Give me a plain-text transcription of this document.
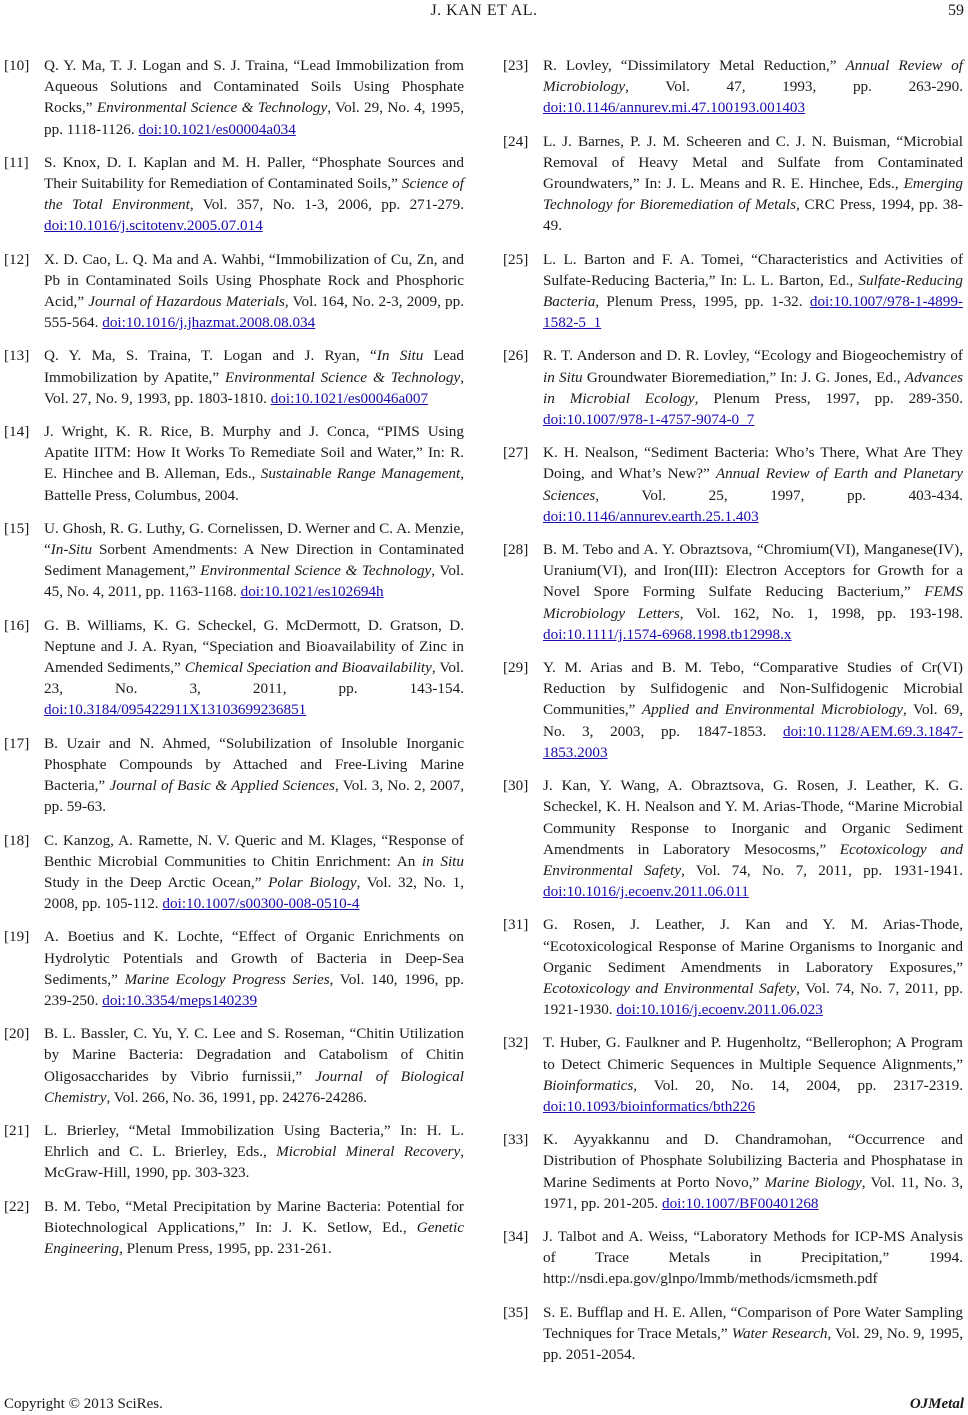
J. KAN ET AL.	59
[10] Q. Y. Ma, T. J. Logan and S. J. Traina, “Lead Immobilization from Aqueous Solutions and Contaminated Soils Using Phosphate Rocks,” Environmental Science & Technology, Vol. 29, No. 4, 1995, pp. 1118-1126. doi:10.1021/es00004a034
[11]	S. Knox, D. I. Kaplan and M. H. Paller, “Phosphate Sources and Their Suitability for Remediation of Contaminated Soils,” Science of the Total Environment, Vol. 357, No. 1-3, 2006, pp. 271-279. doi:10.1016/j.scitotenv.2005.07.014
[12] X. D. Cao, L. Q. Ma and A. Wahbi, “Immobilization of Cu, Zn, and Pb in Contaminated Soils Using Phosphate Rock and Phosphoric Acid,” Journal of Hazardous Materials, Vol. 164, No. 2-3, 2009, pp. 555-564. doi:10.1016/j.jhazmat.2008.08.034
[13] Q. Y. Ma, S. Traina, T. Logan and J. Ryan, “In Situ Lead Immobilization by Apatite,” Environmental Science & Technology, Vol. 27, No. 9, 1993, pp. 1803-1810. doi:10.1021/es00046a007
[14] J. Wright, K. R. Rice, B. Murphy and J. Conca, “PIMS Using Apatite IITM: How It Works To Remediate Soil and Water,” In: R. E. Hinchee and B. Alleman, Eds., Sustainable Range Management, Battelle Press, Columbus, 2004.
[15] U. Ghosh, R. G. Luthy, G. Cornelissen, D. Werner and C. A. Menzie, “In-Situ Sorbent Amendments: A New Direction in Contaminated Sediment Management,” Environmental Science & Technology, Vol. 45, No. 4, 2011, pp. 1163-1168. doi:10.1021/es102694h
[16] G. B. Williams, K. G. Scheckel, G. McDermott, D. Gratson, D. Neptune and J. A. Ryan, “Speciation and Bioavailability of Zinc in Amended Sediments,” Chemical Speciation and Bioavailability, Vol. 23, No. 3, 2011, pp. 143-154. doi:10.3184/095422911X13103699236851
[17] B. Uzair and N. Ahmed, “Solubilization of Insoluble Inorganic Phosphate Compounds by Attached and Free-Living Marine Bacteria,” Journal of Basic & Applied Sciences, Vol. 3, No. 2, 2007, pp. 59-63.
[18] C. Kanzog, A. Ramette, N. V. Queric and M. Klages, “Response of Benthic Microbial Communities to Chitin Enrichment: An in Situ Study in the Deep Arctic Ocean,” Polar Biology, Vol. 32, No. 1, 2008, pp. 105-112. doi:10.1007/s00300-008-0510-4
[19] A. Boetius and K. Lochte, “Effect of Organic Enrichments on Hydrolytic Potentials and Growth of Bacteria in Deep-Sea Sediments,” Marine Ecology Progress Series, Vol. 140, 1996, pp. 239-250. doi:10.3354/meps140239
[20] B. L. Bassler, C. Yu, Y. C. Lee and S. Roseman, “Chitin Utilization by Marine Bacteria: Degradation and Catabolism of Chitin Oligosaccharides by Vibrio furnissii,” Journal of Biological Chemistry, Vol. 266, No. 36, 1991, pp. 24276-24286.
[21] L. Brierley, “Metal Immobilization Using Bacteria,” In: H. L. Ehrlich and C. L. Brierley, Eds., Microbial Mineral Recovery, McGraw-Hill, 1990, pp. 303-323.
[22] B. M. Tebo, “Metal Precipitation by Marine Bacteria: Potential for Biotechnological Applications,” In: J. K. Setlow, Ed., Genetic Engineering, Plenum Press, 1995, pp. 231-261.
[23] R. Lovley, “Dissimilatory Metal Reduction,” Annual Review of Microbiology, Vol. 47, 1993, pp. 263-290. doi:10.1146/annurev.mi.47.100193.001403
[24] L. J. Barnes, P. J. M. Scheeren and C. J. N. Buisman, “Microbial Removal of Heavy Metal and Sulfate from Contaminated Groundwaters,” In: J. L. Means and R. E. Hinchee, Eds., Emerging Technology for Bioremediation of Metals, CRC Press, 1994, pp. 38-49.
[25] L. L. Barton and F. A. Tomei, “Characteristics and Activities of Sulfate-Reducing Bacteria,” In: L. L. Barton, Ed., Sulfate-Reducing Bacteria, Plenum Press, 1995, pp. 1-32. doi:10.1007/978-1-4899-1582-5_1
[26] R. T. Anderson and D. R. Lovley, “Ecology and Biogeochemistry of in Situ Groundwater Bioremediation,” In: J. G. Jones, Ed., Advances in Microbial Ecology, Plenum Press, 1997, pp. 289-350. doi:10.1007/978-1-4757-9074-0_7
[27] K. H. Nealson, “Sediment Bacteria: Who’s There, What Are They Doing, and What’s New?” Annual Review of Earth and Planetary Sciences, Vol. 25, 1997, pp. 403-434. doi:10.1146/annurev.earth.25.1.403
[28] B. M. Tebo and A. Y. Obraztsova, “Chromium(VI), Manganese(IV), Uranium(VI), and Iron(III): Electron Acceptors for Growth for a Novel Spore Forming Sulfate Reducing Bacterium,” FEMS Microbiology Letters, Vol. 162, No. 1, 1998, pp. 193-198. doi:10.1111/j.1574-6968.1998.tb12998.x
[29] Y. M. Arias and B. M. Tebo, “Comparative Studies of Cr(VI) Reduction by Sulfidogenic and Non-Sulfidogenic Microbial Communities,” Applied and Environmental Microbiology, Vol. 69, No. 3, 2003, pp. 1847-1853. doi:10.1128/AEM.69.3.1847-1853.2003
[30] J. Kan, Y. Wang, A. Obraztsova, G. Rosen, J. Leather, K. G. Scheckel, K. H. Nealson and Y. M. Arias-Thode, “Marine Microbial Community Response to Inorganic and Organic Sediment Amendments in Laboratory Mesocosms,” Ecotoxicology and Environmental Safety, Vol. 74, No. 7, 2011, pp. 1931-1941. doi:10.1016/j.ecoenv.2011.06.011
[31] G. Rosen, J. Leather, J. Kan and Y. M. Arias-Thode, “Ecotoxicological Response of Marine Organisms to Inorganic and Organic Sediment Amendments in Laboratory Exposures,” Ecotoxicology and Environmental Safety, Vol. 74, No. 7, 2011, pp. 1921-1930. doi:10.1016/j.ecoenv.2011.06.023
[32] T. Huber, G. Faulkner and P. Hugenholtz, “Bellerophon; A Program to Detect Chimeric Sequences in Multiple Sequence Alignments,” Bioinformatics, Vol. 20, No. 14, 2004, pp. 2317-2319. doi:10.1093/bioinformatics/bth226
[33] K. Ayyakkannu and D. Chandramohan, “Occurrence and Distribution of Phosphate Solubilizing Bacteria and Phosphatase in Marine Sediments at Porto Novo,” Marine Biology, Vol. 11, No. 3, 1971, pp. 201-205. doi:10.1007/BF00401268
[34] J. Talbot and A. Weiss, “Laboratory Methods for ICP-MS Analysis of Trace Metals in Precipitation,” 1994. http://nsdi.epa.gov/glnpo/lmmb/methods/icmsmeth.pdf
[35] S. E. Bufflap and H. E. Allen, “Comparison of Pore Water Sampling Techniques for Trace Metals,” Water Research, Vol. 29, No. 9, 1995, pp. 2051-2054.
Copyright © 2013 SciRes.	OJMetal
